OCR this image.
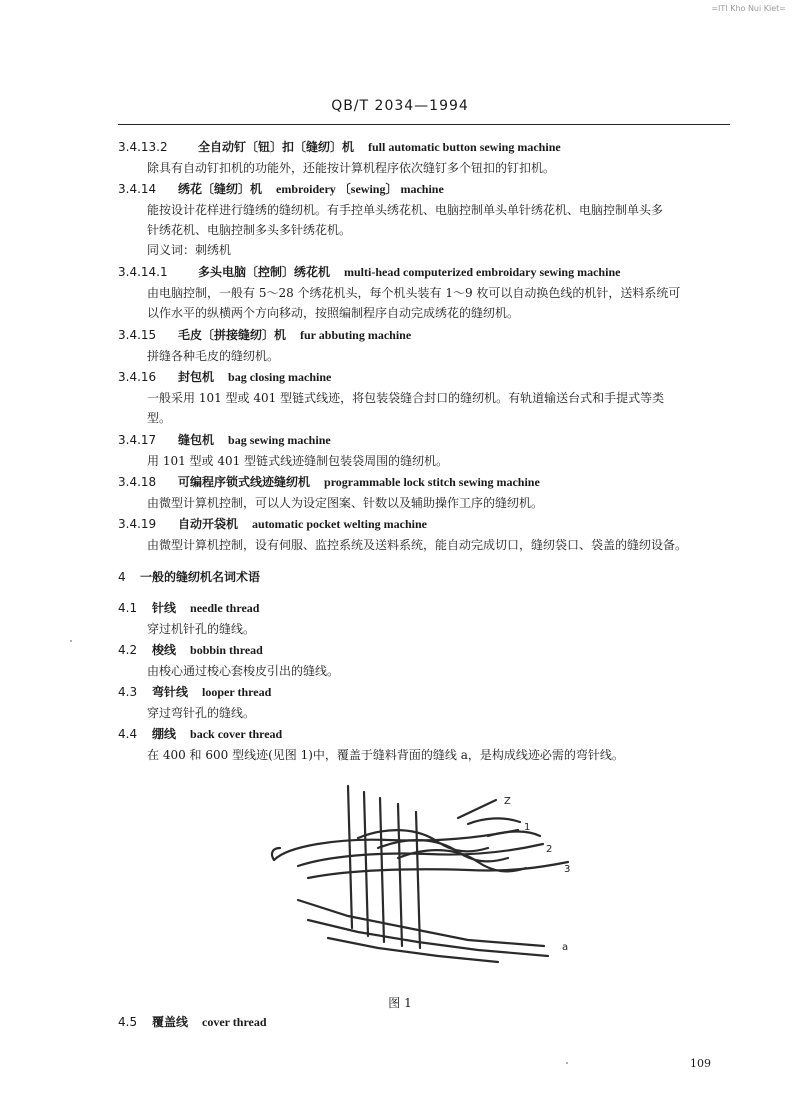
=ITI Kho Nui Kiet=
QB/T 2034—1994
3.4.13.2	全自动钉〔钮〕扣〔缝纫〕机 full automatic button sewing machine
除具有自动钉扣机的功能外，还能按计算机程序依次缝钉多个钮扣的钉扣机。
3.4.14 绣花〔缝纫〕机 embroidery 〔sewing〕 machine
能按设计花样进行缝绣的缝纫机。有手控单头绣花机、电脑控制单头单针绣花机、电脑控制单头多
针绣花机、电脑控制多头多针绣花机。
同义词：刺绣机
3.4.14.1	多头电脑〔控制〕绣花机 multi-head computerized embroidary sewing machine
由电脑控制，一般有 5～28 个绣花机头，每个机头装有 1～9 枚可以自动换色线的机针，送料系统可
以作水平的纵横两个方向移动，按照编制程序自动完成绣花的缝纫机。
3.4.15 毛皮〔拼接缝纫〕机 fur abbuting machine
拼缝各种毛皮的缝纫机。
3.4.16 封包机 bag closing machine
一般采用 101 型或 401 型链式线迹，将包装袋缝合封口的缝纫机。有轨道输送台式和手提式等类
型。
3.4.17 缝包机 bag sewing machine
用 101 型或 401 型链式线迹缝制包装袋周围的缝纫机。
3.4.18 可编程序锁式线迹缝纫机 programmable lock stitch sewing machine
由微型计算机控制，可以人为设定图案、针数以及辅助操作工序的缝纫机。
3.4.19 自动开袋机 automatic pocket welting machine
由微型计算机控制，设有伺服、监控系统及送料系统，能自动完成切口，缝纫袋口、袋盖的缝纫设备。
4 一般的缝纫机名词术语
4.1 针线 needle thread
穿过机针孔的缝线。
4.2 梭线 bobbin thread
由梭心通过梭心套梭皮引出的缝线。
4.3 弯针线 looper thread
穿过弯针孔的缝线。
4.4 绷线 back cover thread
在 400 和 600 型线迹(见图 1)中，覆盖于缝料背面的缝线 a，是构成线迹必需的弯针线。
Z
1
2
3
a
图 1
4.5 覆盖线 cover thread
109
